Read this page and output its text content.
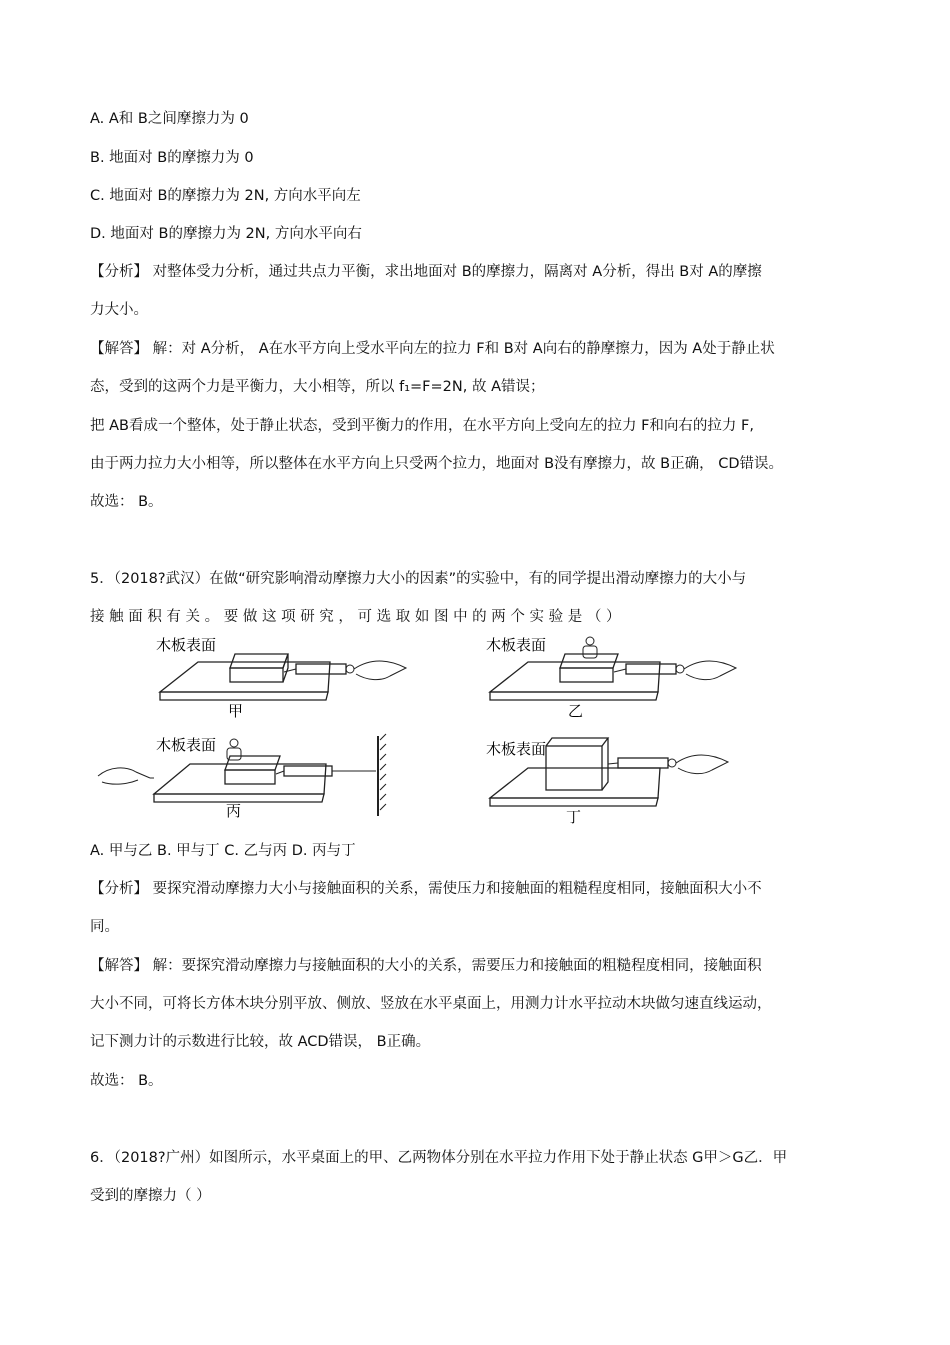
A. A和 B之间摩擦力为 0
B. 地面对 B的摩擦力为 0
C. 地面对 B的摩擦力为 2N, 方向水平向左
D. 地面对 B的摩擦力为 2N, 方向水平向右
【分析】 对整体受力分析，通过共点力平衡，求出地面对 B的摩擦力，隔离对 A分析，得出 B对 A的摩擦
力大小。
【解答】 解：对 A分析， A在水平方向上受水平向左的拉力 F和 B对 A向右的静摩擦力，因为 A处于静止状
态，受到的这两个力是平衡力，大小相等，所以 f₁=F=2N, 故 A错误；
把 AB看成一个整体，处于静止状态，受到平衡力的作用，在水平方向上受向左的拉力 F和向右的拉力 F,
由于两力拉力大小相等，所以整体在水平方向上只受两个拉力，地面对 B没有摩擦力，故 B正确， CD错误。
故选： B。
5．（2018?武汉）在做“研究影响滑动摩擦力大小的因素”的实验中，有的同学提出滑动摩擦力的大小与
接 触 面 积 有 关 。 要 做 这 项 研 究 ， 可 选 取 如 图 中 的 两 个 实 验 是 （ ）
木板表面
甲
木板表面
乙
木板表面
丙
木板表面
丁
A. 甲与乙 B. 甲与丁 C. 乙与丙 D. 丙与丁
【分析】 要探究滑动摩擦力大小与接触面积的关系，需使压力和接触面的粗糙程度相同，接触面积大小不
同。
【解答】 解：要探究滑动摩擦力与接触面积的大小的关系，需要压力和接触面的粗糙程度相同，接触面积
大小不同，可将长方体木块分别平放、侧放、竖放在水平桌面上，用测力计水平拉动木块做匀速直线运动，
记下测力计的示数进行比较，故 ACD错误， B正确。
故选： B。
6．（2018?广州）如图所示，水平桌面上的甲、乙两物体分别在水平拉力作用下处于静止状态 G甲＞G乙．甲
受到的摩擦力（ ）
